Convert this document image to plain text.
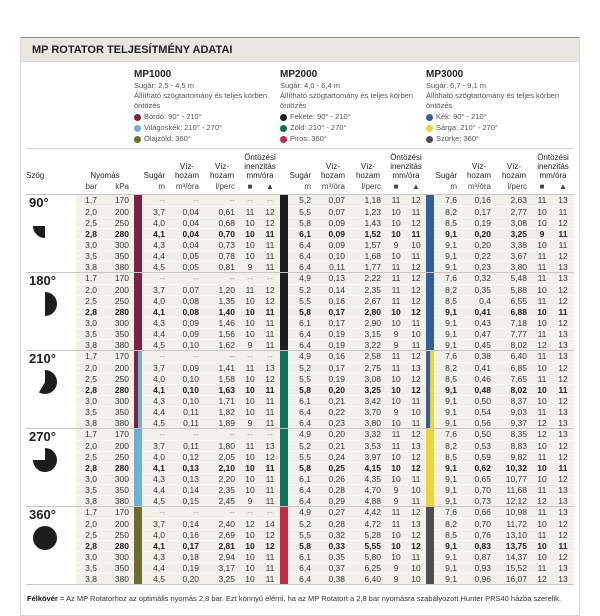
MP ROTATOR TELJESÍTMÉNY ADATAI
MP1000
Sugár: 2,5 - 4,5 m
Állítható szögtartomány és teljes körben öntözés
Bordó: 90° - 210°
Világoskék: 210° - 270°
Olajzöld: 360°
MP2000
Sugár: 4,0 - 6,4 m
Állítható szögtartomány és teljes körben öntözés
Fekete: 90° - 210°
Zöld: 210° - 270°
Piros: 360°
MP3000
Sugár: 6,7 - 9,1 m
Állítható szögtartomány és teljes körben öntözés
Kék: 90° - 210°
Sárga: 210° - 270°
Szürke: 360°
Szög	Nyomás	Sugár
Víz-hozam
Víz-hozam
Öntözési inenzitás mm/óra	Sugár
Víz-hozam
Víz-hozam
Öntözési inenzitás mm/óra	Sugár
Víz-hozam
Víz-hozam
Öntözési inenzitás mm/óra
bar	kPa	m	m³/óra	l/perc	■	▲	m	m³/óra	l/perc	■	▲	m	m³/óra	l/perc	■	▲
90°	1,7	170	--	--	--	--	--	5,2	0,07	1,18	11	12	7,6	0,16	2,63	11	13
2,0	200	3,7	0,04	0,61	11	12	5,5	0,07	1,23	10	11	8,2	0,17	2,77	10	11
2,5	250	4,0	0,04	0,68	10	12	5,8	0,09	1,43	10	12	8,5	0,19	3,08	10	12
2,8	280	4,1	0,04	0,70	10	11	6,1	0,09	1,52	10	11	9,1	0,20	3,25	9	11
3,0	300	4,3	0,04	0,73	10	11	6,4	0,09	1,57	9	10	9,1	0,20	3,38	10	11
3,5	350	4,4	0,05	0,78	10	11	6,4	0,10	1,68	10	11	9,1	0,22	3,67	11	12
3,8	380	4,5	0,05	0,81	9	11	6,4	0,11	1,77	11	12	9,1	0,23	3,80	11	13
180°	1,7	170	--	--	--	--	--	4,9	0,13	2,22	11	12	7,6	0,32	5,48	11	13
2,0	200	3,7	0,07	1,20	11	12	5,2	0,14	2,35	11	12	8,2	0,35	5,88	10	12
2,5	250	4,0	0,08	1,35	10	12	5,5	0,16	2,67	11	12	8,5	0,4	6,55	11	12
2,8	280	4,1	0,08	1,40	10	11	5,8	0,17	2,80	10	12	9,1	0,41	6,88	10	11
3,0	300	4,3	0,09	1,46	10	11	6,1	0,17	2,90	10	11	9,1	0,43	7,18	10	12
3,5	350	4,4	0,09	1,56	10	11	6,4	0,19	3,15	9	10	9,1	0,47	7,77	11	13
3,8	380	4,5	0,10	1,62	9	11	6,4	0,19	3,22	9	11	9,1	0,45	8,02	12	13
210°	1,7	170	--	--	--	--	--	4,9	0,16	2,58	11	12	7,6	0,38	6,40	11	13
2,0	200	3,7	0,09	1,41	11	13	5,2	0,17	2,75	11	13	8,2	0,41	6,85	10	12
2,5	250	4,0	0,10	1,58	10	12	5,5	0,19	3,08	10	12	8,5	0,46	7,65	11	12
2,8	280	4,1	0,10	1,63	10	11	5,8	0,20	3,25	10	12	9,1	0,48	8,02	10	11
3,0	300	4,3	0,10	1,71	10	11	6,1	0,21	3,42	10	11	9,1	0,50	8,37	10	12
3,5	350	4,4	0,11	1,82	10	11	6,4	0,22	3,70	9	10	9,1	0,54	9,03	11	13
3,8	380	4,5	0,11	1,89	9	11	6,4	0,23	3,80	10	11	9,1	0,56	9,37	12	13
270°	1,7	170	--	--	--	--	--	4,9	0,20	3,32	11	12	7,6	0,50	8,35	12	13
2,0	200	3,7	0,11	1,80	11	13	5,2	0,21	3,53	11	13	8,2	0,53	8,83	10	12
2,5	250	4,0	0,12	2,05	10	12	5,5	0,24	3,97	10	12	8,5	0,59	9,82	11	12
2,8	280	4,1	0,13	2,10	10	11	5,8	0,25	4,15	10	12	9,1	0,62	10,32	10	11
3,0	300	4,3	0,13	2,20	10	11	6,1	0,26	4,35	10	11	9,1	0,65	10,77	10	12
3,5	350	4,4	0,14	2,35	10	11	6,4	0,28	4,70	9	10	9,1	0,70	11,68	11	13
3,8	380	4,5	0,15	2,45	9	11	6,4	0,29	4,88	9	11	9,1	0,73	12,12	12	13
360°	1,7	170	--	--	--	--	--	4,9	0,27	4,42	11	12	7,6	0,66	10,98	11	13
2,0	200	3,7	0,14	2,40	12	14	5,2	0,28	4,72	11	13	8,2	0,70	11,72	10	12
2,5	250	4,0	0,16	2,69	10	12	5,5	0,32	5,28	10	12	8,5	0,76	13,10	11	12
2,8	280	4,1	0,17	2,81	10	12	5,8	0,33	5,55	10	12	9,1	0,83	13,75	10	11
3,0	300	4,3	0,18	2,94	10	11	6,1	0,35	5,80	10	11	9,1	0,87	14,37	10	12
3,5	350	4,4	0,19	3,17	10	11	6,4	0,37	6,25	9	10	9,1	0,93	15,52	11	13
3,8	380	4,5	0,20	3,25	10	11	6,4	0,38	6,40	9	10	9,1	0,96	16,07	12	13
Félkövér = Az MP Rotatorhoz az optimális nyomás 2,8 bar. Ezt könnyű elérni, ha az MP Rotatort a 2,8 bar nyomásra szabályozott Hunter PRS40 házba szerelik.
